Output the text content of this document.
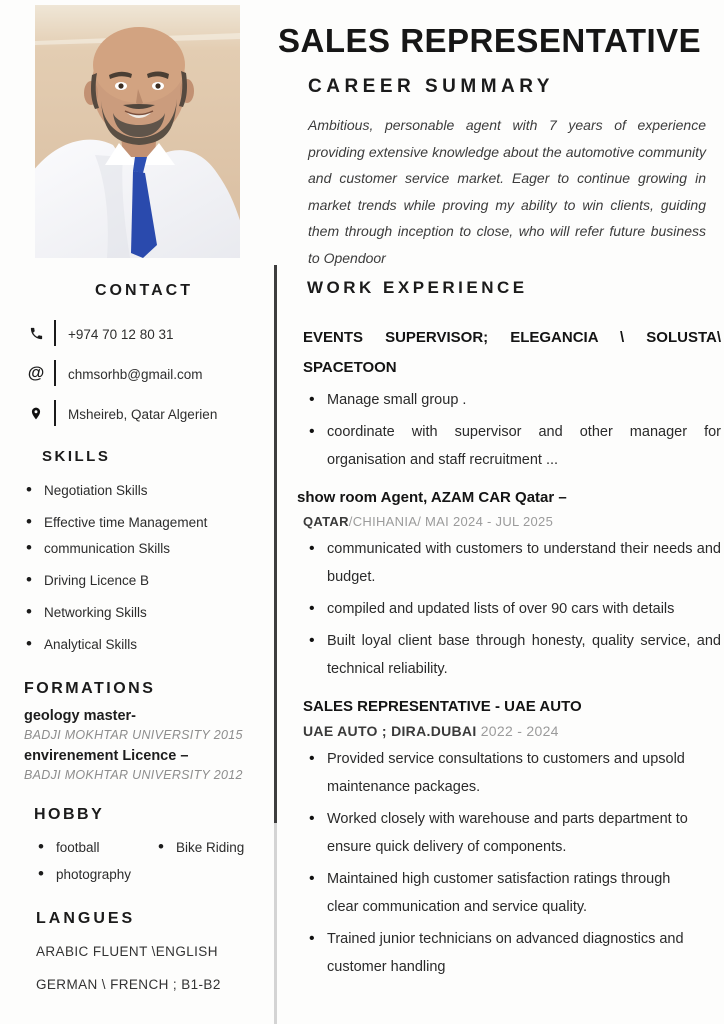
SALES REPRESENTATIVE
CAREER SUMMARY

Ambitious, personable agent with 7 years of experience providing extensive knowledge about the automotive community and customer service market. Eager to continue growing in market trends while proving my ability to win clients, guiding them through inception to close, who will refer future business to Opendoor

CONTACT
+974 70 12 80 31
@ chmsorhb@gmail.com
Msheireb, Qatar Algerien
SKILLS
• Negotiation Skills
• Effective time Management
• communication Skills
• Driving Licence B
• Networking Skills
• Analytical Skills
FORMATIONS
geology master-
BADJI MOKHTAR UNIVERSITY 2015
envirenement Licence –
BADJI MOKHTAR UNIVERSITY 2012
HOBBY
• football
• photography
• Bike Riding
LANGUES
ARABIC FLUENT \ENGLISH
GERMAN \ FRENCH ; B1-B2
WORK EXPERIENCE
EVENTS SUPERVISOR; ELEGANCIA \ SOLUSTA\
SPACETOON
• Manage small group .
• coordinate with supervisor and other manager for organisation and staff recruitment ...
show room Agent, AZAM CAR Qatar –
QATAR/CHIHANIA/ MAI 2024 - JUL 2025
• communicated with customers to understand their needs and budget.
• compiled and updated lists of over 90 cars with details
• Built loyal client base through honesty, quality service, and technical reliability.
SALES REPRESENTATIVE - UAE AUTO
UAE AUTO ; DIRA.DUBAI 2022 - 2024
• Provided service consultations to customers and upsold maintenance packages.
• Worked closely with warehouse and parts department to ensure quick delivery of components.
• Maintained high customer satisfaction ratings through clear communication and service quality.
• Trained junior technicians on advanced diagnostics and customer handling
